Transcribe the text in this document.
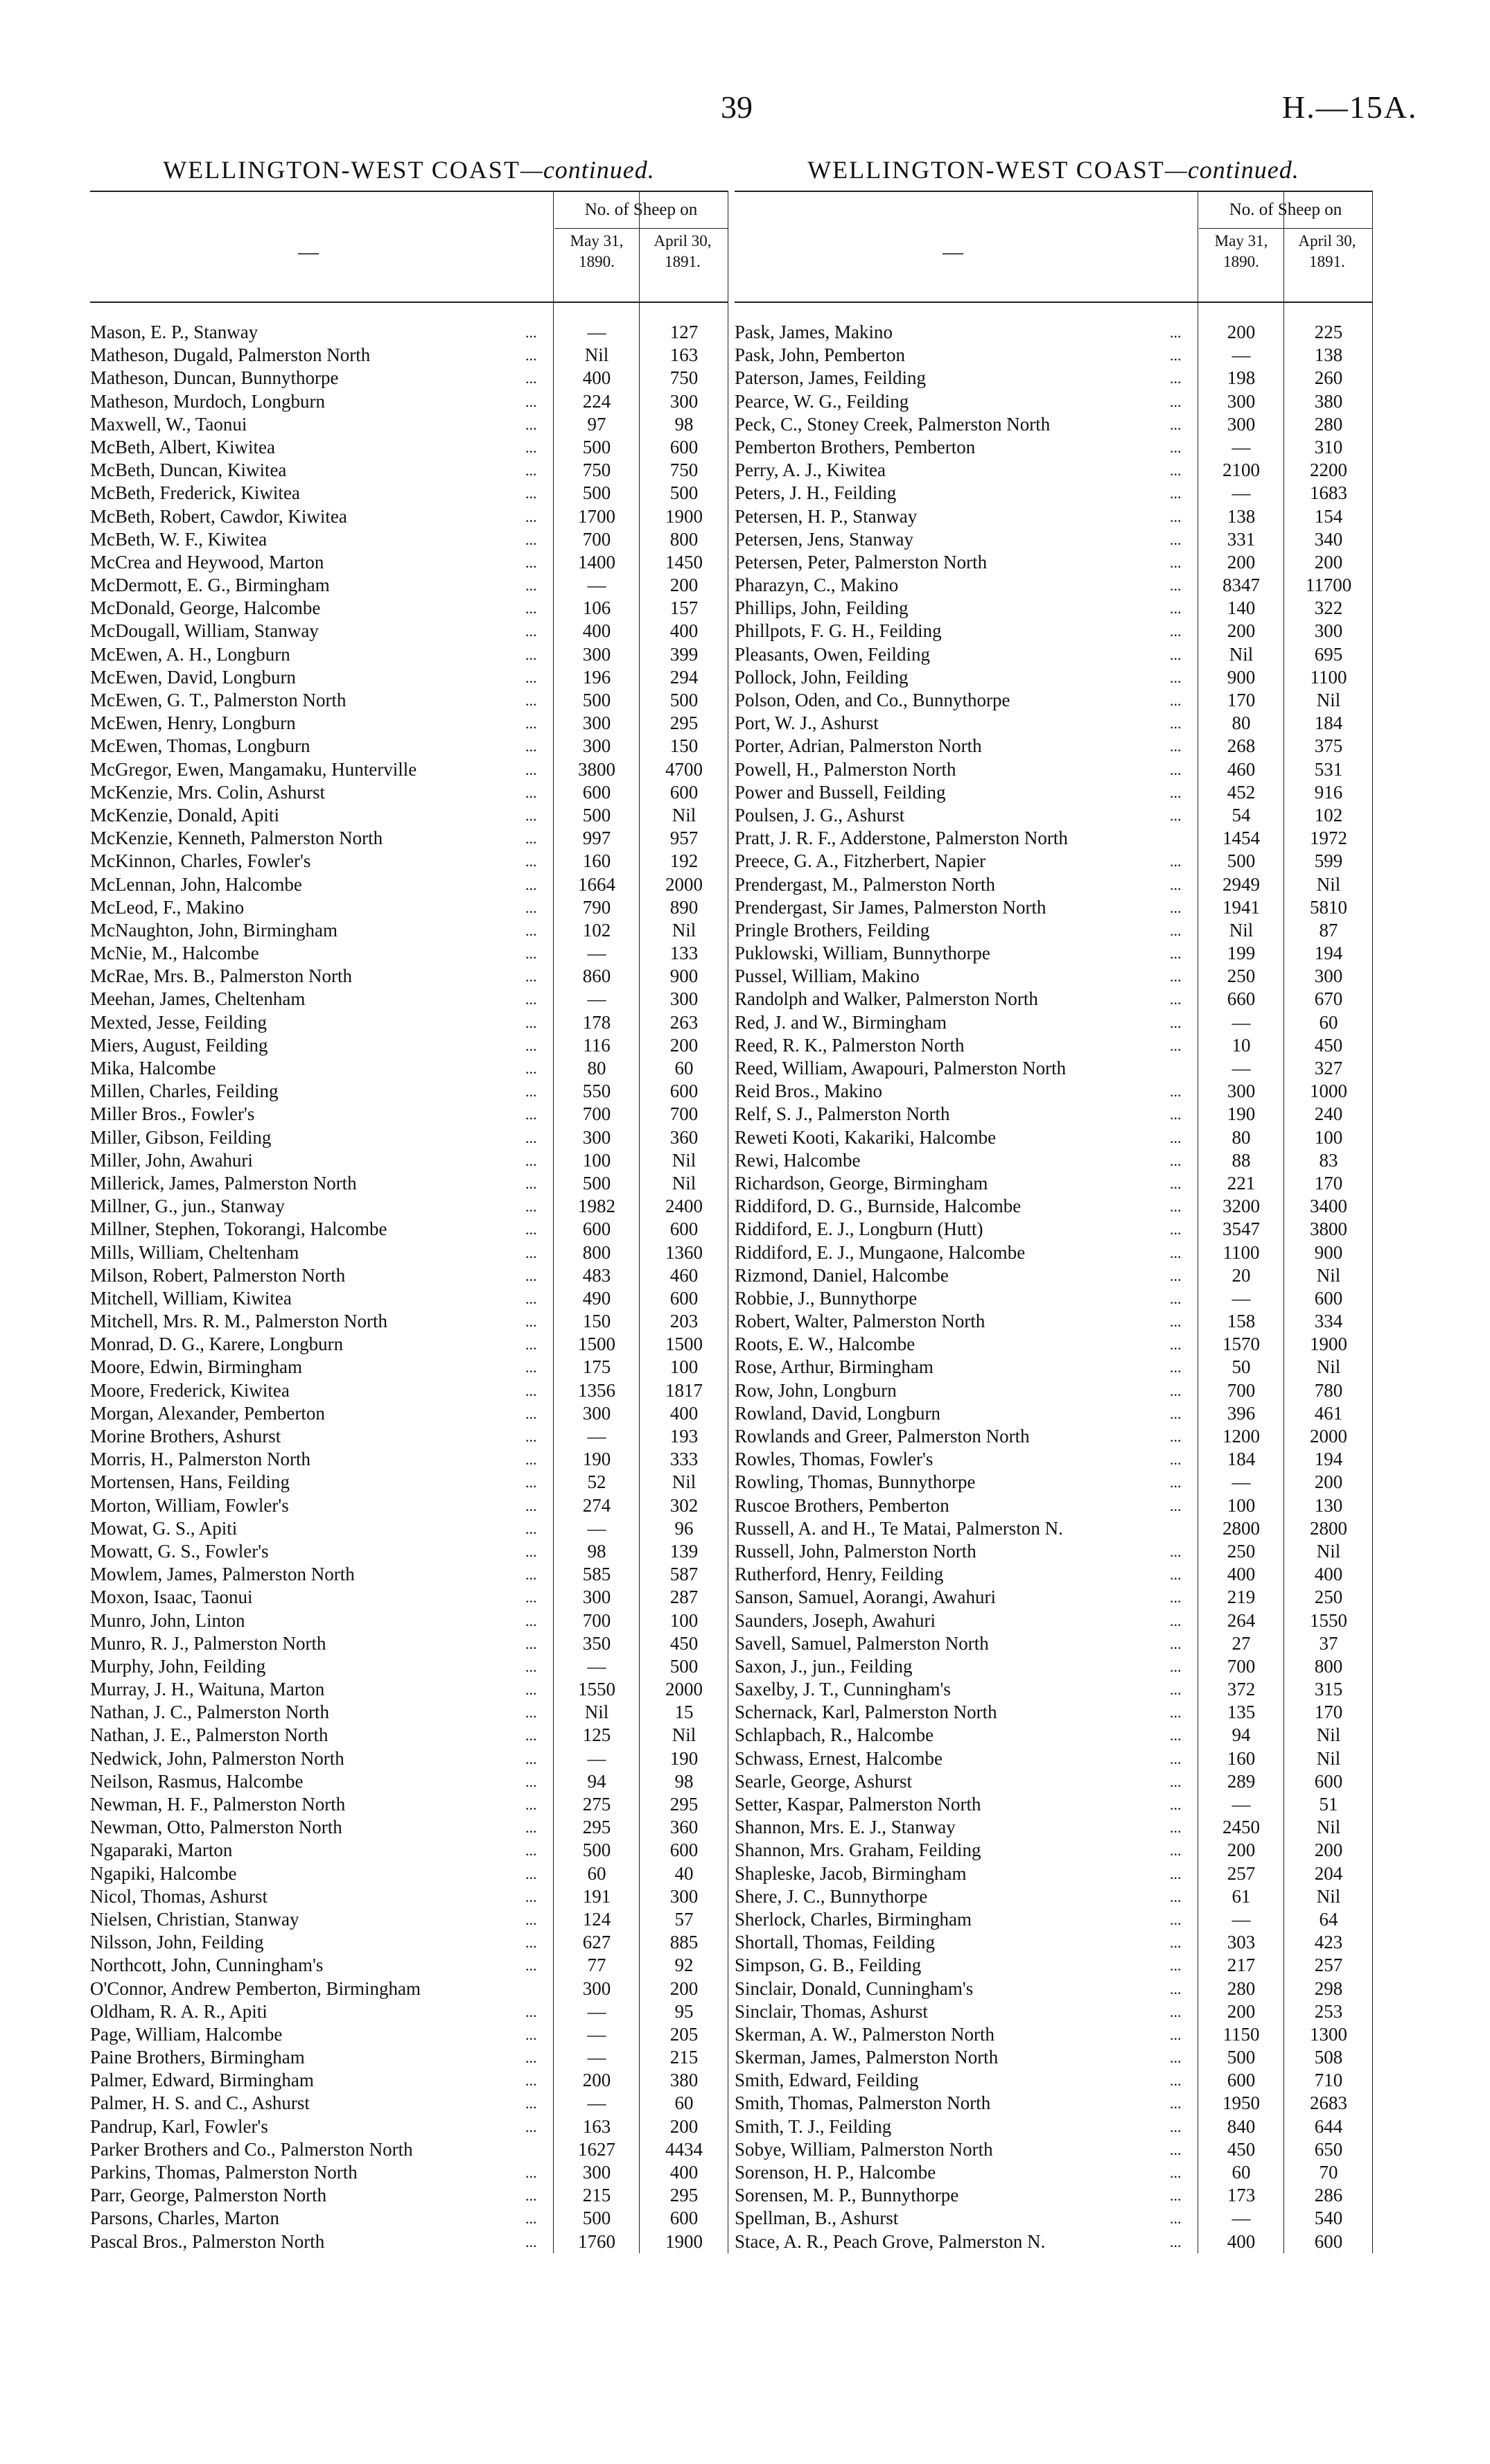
39	H.—15A.
WELLINGTON-WEST COAST—continued.
—
No. of Sheep on
May 31, 1890.
April 30, 1891.
Mason, E. P., Stanway	...	—	127
Matheson, Dugald, Palmerston North	...	Nil	163
Matheson, Duncan, Bunnythorpe	...	400	750
Matheson, Murdoch, Longburn	...	224	300
Maxwell, W., Taonui	...	97	98
McBeth, Albert, Kiwitea	...	500	600
McBeth, Duncan, Kiwitea	...	750	750
McBeth, Frederick, Kiwitea	...	500	500
McBeth, Robert, Cawdor, Kiwitea	...	1700	1900
McBeth, W. F., Kiwitea	...	700	800
McCrea and Heywood, Marton	...	1400	1450
McDermott, E. G., Birmingham	...	—	200
McDonald, George, Halcombe	...	106	157
McDougall, William, Stanway	...	400	400
McEwen, A. H., Longburn	...	300	399
McEwen, David, Longburn	...	196	294
McEwen, G. T., Palmerston North	...	500	500
McEwen, Henry, Longburn	...	300	295
McEwen, Thomas, Longburn	...	300	150
McGregor, Ewen, Mangamaku, Hunterville	...	3800	4700
McKenzie, Mrs. Colin, Ashurst	...	600	600
McKenzie, Donald, Apiti	...	500	Nil
McKenzie, Kenneth, Palmerston North	...	997	957
McKinnon, Charles, Fowler's	...	160	192
McLennan, John, Halcombe	...	1664	2000
McLeod, F., Makino	...	790	890
McNaughton, John, Birmingham	...	102	Nil
McNie, M., Halcombe	...	—	133
McRae, Mrs. B., Palmerston North	...	860	900
Meehan, James, Cheltenham	...	—	300
Mexted, Jesse, Feilding	...	178	263
Miers, August, Feilding	...	116	200
Mika, Halcombe	...	80	60
Millen, Charles, Feilding	...	550	600
Miller Bros., Fowler's	...	700	700
Miller, Gibson, Feilding	...	300	360
Miller, John, Awahuri	...	100	Nil
Millerick, James, Palmerston North	...	500	Nil
Millner, G., jun., Stanway	...	1982	2400
Millner, Stephen, Tokorangi, Halcombe	...	600	600
Mills, William, Cheltenham	...	800	1360
Milson, Robert, Palmerston North	...	483	460
Mitchell, William, Kiwitea	...	490	600
Mitchell, Mrs. R. M., Palmerston North	...	150	203
Monrad, D. G., Karere, Longburn	...	1500	1500
Moore, Edwin, Birmingham	...	175	100
Moore, Frederick, Kiwitea	...	1356	1817
Morgan, Alexander, Pemberton	...	300	400
Morine Brothers, Ashurst	...	—	193
Morris, H., Palmerston North	...	190	333
Mortensen, Hans, Feilding	...	52	Nil
Morton, William, Fowler's	...	274	302
Mowat, G. S., Apiti	...	—	96
Mowatt, G. S., Fowler's	...	98	139
Mowlem, James, Palmerston North	...	585	587
Moxon, Isaac, Taonui	...	300	287
Munro, John, Linton	...	700	100
Munro, R. J., Palmerston North	...	350	450
Murphy, John, Feilding	...	—	500
Murray, J. H., Waituna, Marton	...	1550	2000
Nathan, J. C., Palmerston North	...	Nil	15
Nathan, J. E., Palmerston North	...	125	Nil
Nedwick, John, Palmerston North	...	—	190
Neilson, Rasmus, Halcombe	...	94	98
Newman, H. F., Palmerston North	...	275	295
Newman, Otto, Palmerston North	...	295	360
Ngaparaki, Marton	...	500	600
Ngapiki, Halcombe	...	60	40
Nicol, Thomas, Ashurst	...	191	300
Nielsen, Christian, Stanway	...	124	57
Nilsson, John, Feilding	...	627	885
Northcott, John, Cunningham's	...	77	92
O'Connor, Andrew Pemberton, Birmingham	300	200
Oldham, R. A. R., Apiti	...	—	95
Page, William, Halcombe	...	—	205
Paine Brothers, Birmingham	...	—	215
Palmer, Edward, Birmingham	...	200	380
Palmer, H. S. and C., Ashurst	...	—	60
Pandrup, Karl, Fowler's	...	163	200
Parker Brothers and Co., Palmerston North	1627	4434
Parkins, Thomas, Palmerston North	...	300	400
Parr, George, Palmerston North	...	215	295
Parsons, Charles, Marton	...	500	600
Pascal Bros., Palmerston North	...	1760	1900
WELLINGTON-WEST COAST—continued.
—
No. of Sheep on
May 31, 1890.
April 30, 1891.
Pask, James, Makino	...	200	225
Pask, John, Pemberton	...	—	138
Paterson, James, Feilding	...	198	260
Pearce, W. G., Feilding	...	300	380
Peck, C., Stoney Creek, Palmerston North	...	300	280
Pemberton Brothers, Pemberton	...	—	310
Perry, A. J., Kiwitea	...	2100	2200
Peters, J. H., Feilding	...	—	1683
Petersen, H. P., Stanway	...	138	154
Petersen, Jens, Stanway	...	331	340
Petersen, Peter, Palmerston North	...	200	200
Pharazyn, C., Makino	...	8347	11700
Phillips, John, Feilding	...	140	322
Phillpots, F. G. H., Feilding	...	200	300
Pleasants, Owen, Feilding	...	Nil	695
Pollock, John, Feilding	...	900	1100
Polson, Oden, and Co., Bunnythorpe	...	170	Nil
Port, W. J., Ashurst	...	80	184
Porter, Adrian, Palmerston North	...	268	375
Powell, H., Palmerston North	...	460	531
Power and Bussell, Feilding	...	452	916
Poulsen, J. G., Ashurst	...	54	102
Pratt, J. R. F., Adderstone, Palmerston North	1454	1972
Preece, G. A., Fitzherbert, Napier	...	500	599
Prendergast, M., Palmerston North	...	2949	Nil
Prendergast, Sir James, Palmerston North	...	1941	5810
Pringle Brothers, Feilding	...	Nil	87
Puklowski, William, Bunnythorpe	...	199	194
Pussel, William, Makino	...	250	300
Randolph and Walker, Palmerston North	...	660	670
Red, J. and W., Birmingham	...	—	60
Reed, R. K., Palmerston North	...	10	450
Reed, William, Awapouri, Palmerston North	—	327
Reid Bros., Makino	...	300	1000
Relf, S. J., Palmerston North	...	190	240
Reweti Kooti, Kakariki, Halcombe	...	80	100
Rewi, Halcombe	...	88	83
Richardson, George, Birmingham	...	221	170
Riddiford, D. G., Burnside, Halcombe	...	3200	3400
Riddiford, E. J., Longburn (Hutt)	...	3547	3800
Riddiford, E. J., Mungaone, Halcombe	...	1100	900
Rizmond, Daniel, Halcombe	...	20	Nil
Robbie, J., Bunnythorpe	...	—	600
Robert, Walter, Palmerston North	...	158	334
Roots, E. W., Halcombe	...	1570	1900
Rose, Arthur, Birmingham	...	50	Nil
Row, John, Longburn	...	700	780
Rowland, David, Longburn	...	396	461
Rowlands and Greer, Palmerston North	...	1200	2000
Rowles, Thomas, Fowler's	...	184	194
Rowling, Thomas, Bunnythorpe	...	—	200
Ruscoe Brothers, Pemberton	...	100	130
Russell, A. and H., Te Matai, Palmerston N.	2800	2800
Russell, John, Palmerston North	...	250	Nil
Rutherford, Henry, Feilding	...	400	400
Sanson, Samuel, Aorangi, Awahuri	...	219	250
Saunders, Joseph, Awahuri	...	264	1550
Savell, Samuel, Palmerston North	...	27	37
Saxon, J., jun., Feilding	...	700	800
Saxelby, J. T., Cunningham's	...	372	315
Schernack, Karl, Palmerston North	...	135	170
Schlapbach, R., Halcombe	...	94	Nil
Schwass, Ernest, Halcombe	...	160	Nil
Searle, George, Ashurst	...	289	600
Setter, Kaspar, Palmerston North	...	—	51
Shannon, Mrs. E. J., Stanway	...	2450	Nil
Shannon, Mrs. Graham, Feilding	...	200	200
Shapleske, Jacob, Birmingham	...	257	204
Shere, J. C., Bunnythorpe	...	61	Nil
Sherlock, Charles, Birmingham	...	—	64
Shortall, Thomas, Feilding	...	303	423
Simpson, G. B., Feilding	...	217	257
Sinclair, Donald, Cunningham's	...	280	298
Sinclair, Thomas, Ashurst	...	200	253
Skerman, A. W., Palmerston North	...	1150	1300
Skerman, James, Palmerston North	...	500	508
Smith, Edward, Feilding	...	600	710
Smith, Thomas, Palmerston North	...	1950	2683
Smith, T. J., Feilding	...	840	644
Sobye, William, Palmerston North	...	450	650
Sorenson, H. P., Halcombe	...	60	70
Sorensen, M. P., Bunnythorpe	...	173	286
Spellman, B., Ashurst	...	—	540
Stace, A. R., Peach Grove, Palmerston N.	...	400	600
